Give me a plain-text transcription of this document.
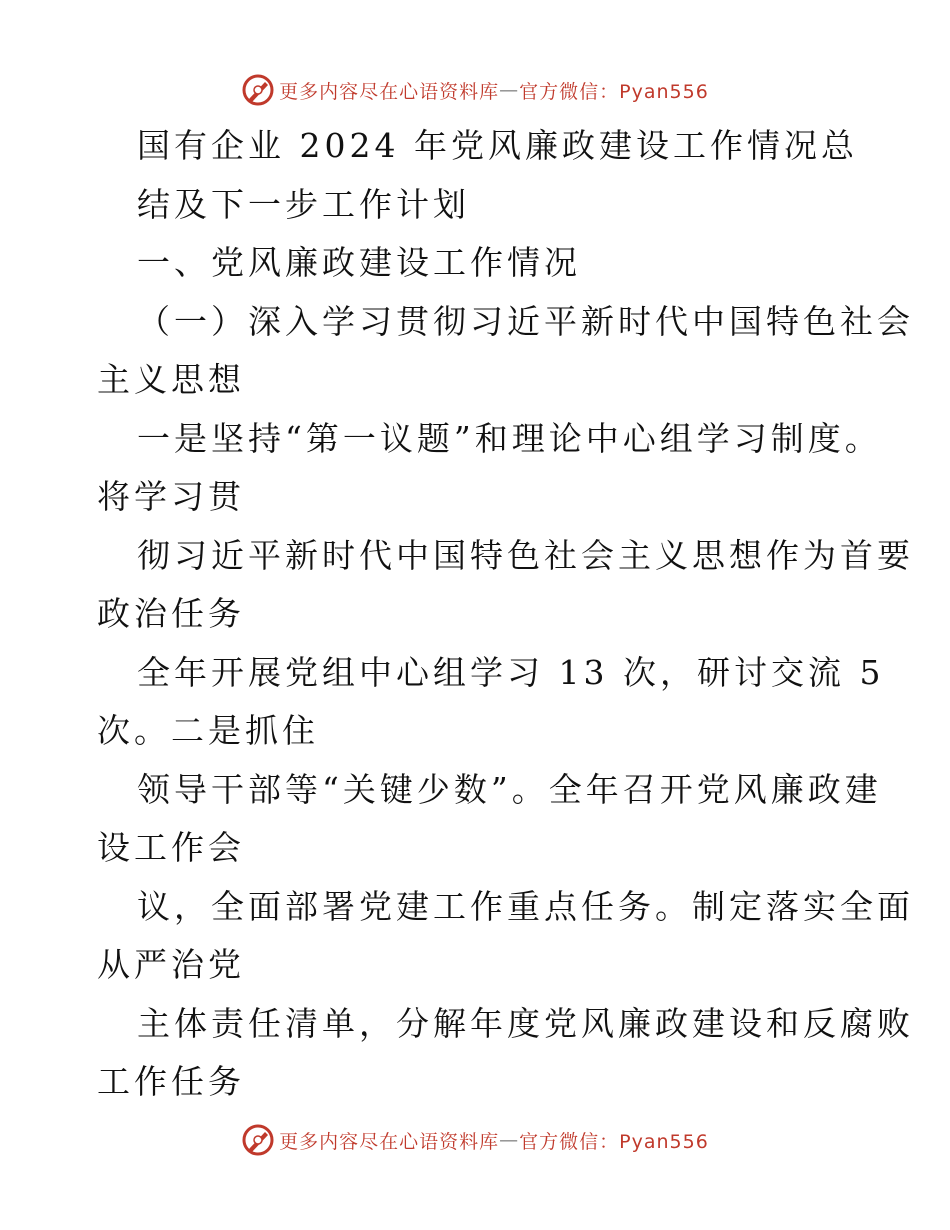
更多内容尽在心语资料库 — 官方微信：Pyan556
国有企业 2024 年党风廉政建设工作情况总
结及下一步工作计划
一、党风廉政建设工作情况
（一）深入学习贯彻习近平新时代中国特色社会
主义思想
一是坚持“第一议题”和理论中心组学习制度。
将学习贯
彻习近平新时代中国特色社会主义思想作为首要
政治任务
全年开展党组中心组学习 13 次，研讨交流 5
次。二是抓住
领导干部等“关键少数”。全年召开党风廉政建
设工作会
议，全面部署党建工作重点任务。制定落实全面
从严治党
主体责任清单，分解年度党风廉政建设和反腐败
工作任务
更多内容尽在心语资料库 — 官方微信：Pyan556
